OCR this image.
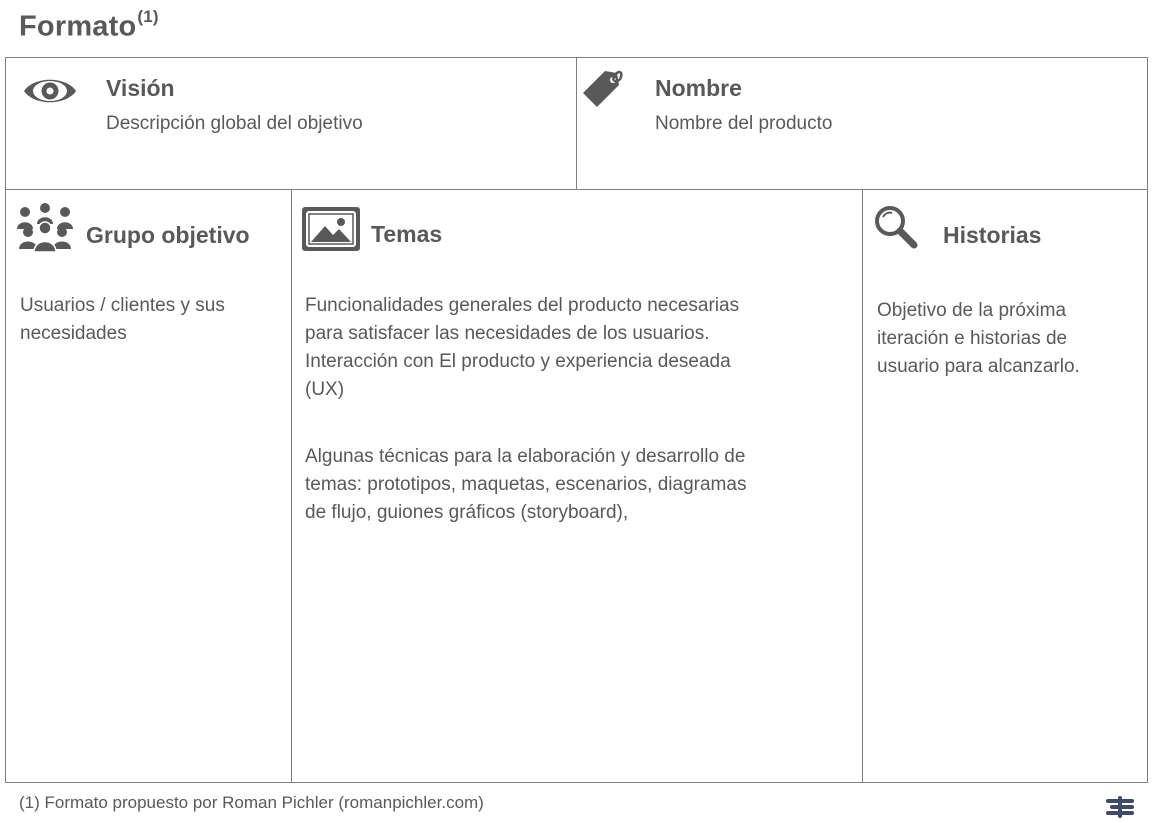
Formato$^{(1)}$
Visión
Descripción global del objetivo
Nombre
Nombre del producto
Grupo objetivo
Usuarios / clientes y sus
necesidades
Temas
Funcionalidades generales del producto necesarias
para satisfacer las necesidades de los usuarios.
Interacción con El producto y experiencia deseada
(UX)
Algunas técnicas para la elaboración y desarrollo de
temas: prototipos, maquetas, escenarios, diagramas
de flujo, guiones gráficos (storyboard),
Historias
Objetivo de la próxima
iteración e historias de
usuario para alcanzarlo.
(1) Formato propuesto por Roman Pichler (romanpichler.com)
